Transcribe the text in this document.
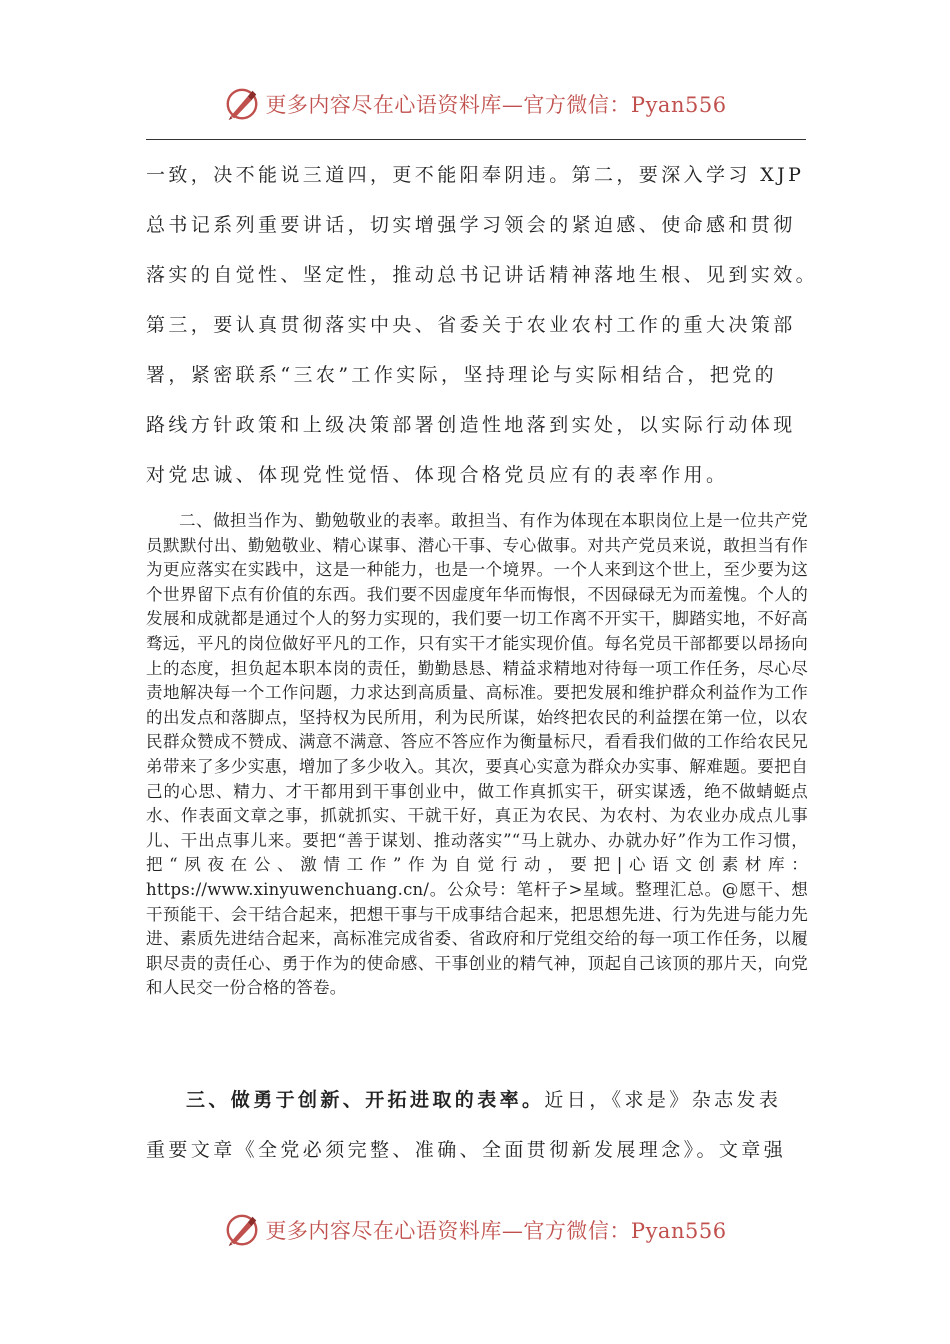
更多内容尽在心语资料库—官方微信：Pyan556
一致，决不能说三道四，更不能阳奉阴违。第二，要深入学习 XJP
总书记系列重要讲话，切实增强学习领会的紧迫感、使命感和贯彻
落实的自觉性、坚定性，推动总书记讲话精神落地生根、见到实效。
第三，要认真贯彻落实中央、省委关于农业农村工作的重大决策部
署，紧密联系“三农”工作实际，坚持理论与实际相结合，把党的
路线方针政策和上级决策部署创造性地落到实处，以实际行动体现
对党忠诚、体现党性觉悟、体现合格党员应有的表率作用。

二、做担当作为、勤勉敬业的表率。敢担当、有作为体现在本职岗位上是一位共产党员默默付出、勤勉敬业、精心谋事、潜心干事、专心做事。对共产党员来说，敢担当有作为更应落实在实践中，这是一种能力，也是一个境界。一个人来到这个世上，至少要为这个世界留下点有价值的东西。我们要不因虚度年华而悔恨，不因碌碌无为而羞愧。个人的发展和成就都是通过个人的努力实现的，我们要一切工作离不开实干，脚踏实地，不好高骛远，平凡的岗位做好平凡的工作，只有实干才能实现价值。每名党员干部都要以昂扬向上的态度，担负起本职本岗的责任，勤勤恳恳、精益求精地对待每一项工作任务，尽心尽责地解决每一个工作问题，力求达到高质量、高标准。要把发展和维护群众利益作为工作的出发点和落脚点，坚持权为民所用，利为民所谋，始终把农民的利益摆在第一位，以农民群众赞成不赞成、满意不满意、答应不答应作为衡量标尺，看看我们做的工作给农民兄弟带来了多少实惠，增加了多少收入。其次，要真心实意为群众办实事、解难题。要把自己的心思、精力、才干都用到干事创业中，做工作真抓实干，研实谋透，绝不做蜻蜓点水、作表面文章之事，抓就抓实、干就干好，真正为农民、为农村、为农业办成点儿事儿、干出点事儿来。要把“善于谋划、推动落实”“马上就办、办就办好”作为工作习惯，把“夙夜在公、激情工作”作为自觉行动，要把|心语文创素材库：https://www.xinyuwenchuang.cn/。公众号：笔杆子>星域。整理汇总。@愿干、想干预能干、会干结合起来，把想干事与干成事结合起来，把思想先进、行为先进与能力先进、素质先进结合起来，高标准完成省委、省政府和厅党组交给的每一项工作任务，以履职尽责的责任心、勇于作为的使命感、干事创业的精气神，顶起自己该顶的那片天，向党和人民交一份合格的答卷。

三、做勇于创新、开拓进取的表率。近日，《求是》杂志发表
重要文章《全党必须完整、准确、全面贯彻新发展理念》。文章强
更多内容尽在心语资料库—官方微信：Pyan556
